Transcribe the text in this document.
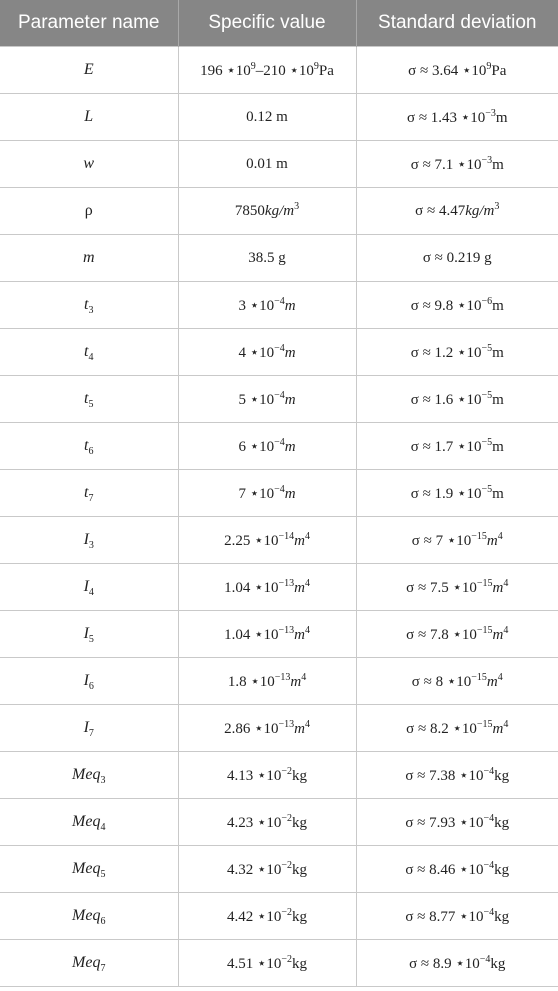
Parameter name	Specific value	Standard deviation
E	196 $⋆10^9-210$ $⋆10^9Pa$	σ ≈ 3.64 $⋆10^9Pa$
L	0.12 m	σ ≈ 1.43 $⋆10^{-3}m$
w	0.01 m	σ ≈ 7.1 $⋆10^{-3}m$
ρ	$7850kg/m^3$	$\sigma \approx 4.47kg/m^3$
m	38.5 g	σ ≈ 0.219 g
$t_3$	3 $⋆10^{-4}m$	σ ≈ 9.8 $⋆10^{-6}m$
$t_4$	4 $⋆10^{-4}m$	σ ≈ 1.2 $⋆10^{-5}m$
$t_5$	5 $⋆10^{-4}m$	σ ≈ 1.6 $⋆10^{-5}m$
$t_6$	6 $⋆10^{-4}m$	σ ≈ 1.7 $⋆10^{-5}m$
$t_7$	7 $⋆10^{-4}m$	σ ≈ 1.9 $⋆10^{-5}m$
$I_3$	2.25 $⋆10^{-14}m^4$	σ ≈ 7 $⋆10^{-15}m^4$
$I_4$	1.04 $⋆10^{-13}m^4$	σ ≈ 7.5 $⋆10^{-15}m^4$
$I_5$	1.04 $⋆10^{-13}m^4$	σ ≈ 7.8 $⋆10^{-15}m^4$
$I_6$	1.8 $⋆10^{-13}m^4$	σ ≈ 8 $⋆10^{-15}m^4$
$I_7$	2.86 $⋆10^{-13}m^4$	σ ≈ 8.2 $⋆10^{-15}m^4$
Meq$_3$	4.13 $⋆10^{-2}kg$	σ ≈ 7.38 $⋆10^{-4}kg$
Meq$_4$	4.23 $⋆10^{-2}kg$	σ ≈ 7.93 $⋆10^{-4}kg$
Meq$_5$	4.32 $⋆10^{-2}kg$	σ ≈ 8.46 $⋆10^{-4}kg$
Meq$_6$	4.42 $⋆10^{-2}kg$	σ ≈ 8.77 $⋆10^{-4}kg$
Meq$_7$	4.51 $⋆10^{-2}kg$	σ ≈ 8.9 $⋆10^{-4}kg$
